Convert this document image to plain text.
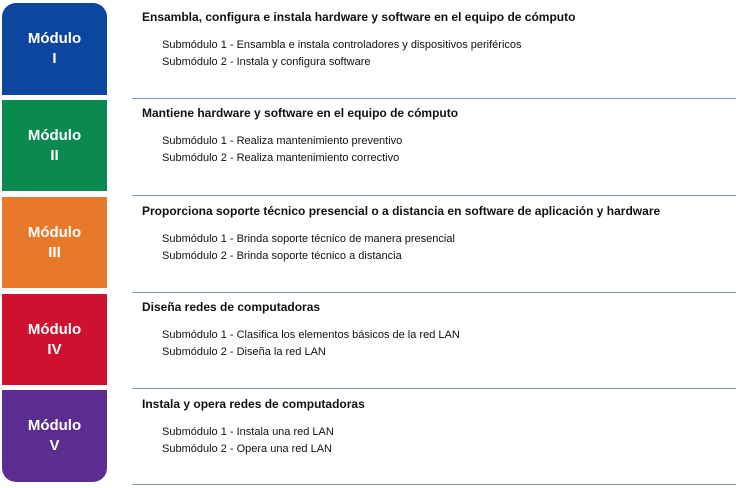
Módulo
I

Ensambla, configura e instala hardware y software en el equipo de cómputo

Submódulo 1 - Ensambla e instala controladores y dispositivos periféricos
Submódulo 2 - Instala y configura software
Módulo
II

Mantiene hardware y software en el equipo de cómputo

Submódulo 1 - Realiza mantenimiento preventivo
Submódulo 2 - Realiza mantenimiento correctivo
Módulo
III

Proporciona soporte técnico presencial o a distancia en software de aplicación y hardware

Submódulo 1 - Brinda soporte técnico de manera presencial
Submódulo 2 - Brinda soporte técnico a distancia
Módulo
IV

Diseña redes de computadoras

Submódulo 1 - Clasifica los elementos básicos de la red LAN
Submódulo 2 - Diseña la red LAN
Módulo
V

Instala y opera redes de computadoras

Submódulo 1 - Instala una red LAN
Submódulo 2 - Opera una red LAN
